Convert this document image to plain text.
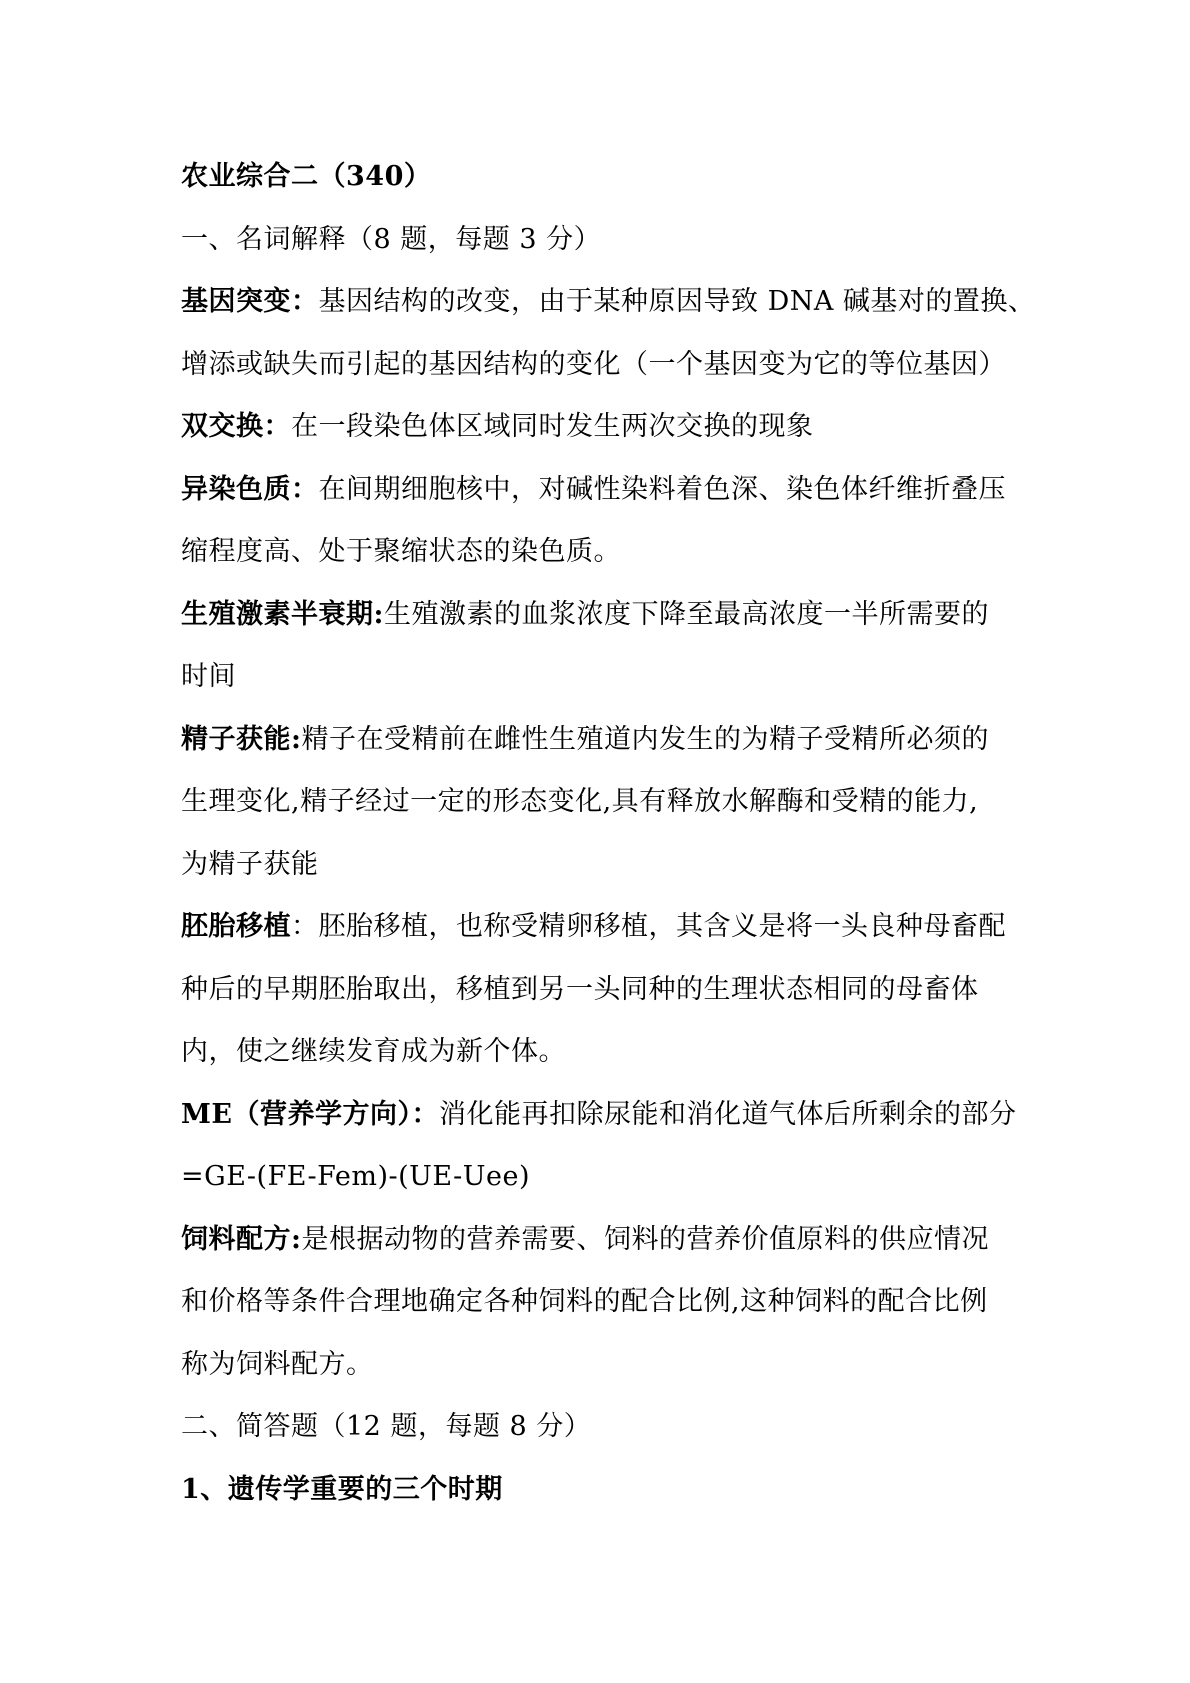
农业综合二（340）
一、名词解释（8 题，每题 3 分）
基因突变：基因结构的改变，由于某种原因导致 DNA 碱基对的置换、
增添或缺失而引起的基因结构的变化（一个基因变为它的等位基因）
双交换：在一段染色体区域同时发生两次交换的现象
异染色质：在间期细胞核中，对碱性染料着色深、染色体纤维折叠压
缩程度高、处于聚缩状态的染色质。
生殖激素半衰期:生殖激素的血浆浓度下降至最高浓度一半所需要的
时间
精子获能:精子在受精前在雌性生殖道内发生的为精子受精所必须的
生理变化,精子经过一定的形态变化,具有释放水解酶和受精的能力,
为精子获能
胚胎移植：胚胎移植，也称受精卵移植，其含义是将一头良种母畜配
种后的早期胚胎取出，移植到另一头同种的生理状态相同的母畜体
内，使之继续发育成为新个体。
ME（营养学方向）：消化能再扣除尿能和消化道气体后所剩余的部分
=GE-(FE-Fem)-(UE-Uee)
饲料配方:是根据动物的营养需要、饲料的营养价值原料的供应情况
和价格等条件合理地确定各种饲料的配合比例,这种饲料的配合比例
称为饲料配方。
二、简答题（12 题，每题 8 分）
1、遗传学重要的三个时期
